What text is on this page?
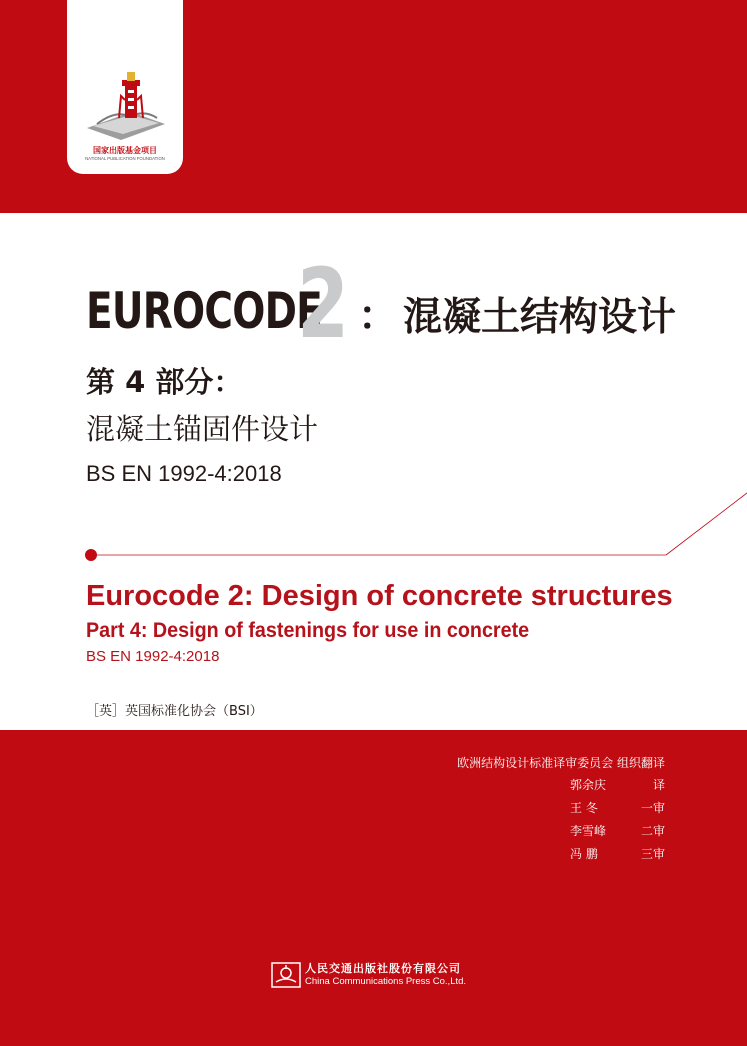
国家出版基金项目
NATIONAL PUBLICATION FOUNDATION
EUROCODE
2 ： 混凝土结构设计
第 4 部分：
混凝土锚固件设计
BS EN 1992-4:2018
Eurocode 2: Design of concrete structures
Part 4: Design of fastenings for use in concrete
BS EN 1992-4:2018
［英］英国标准化协会（BSI）
欧洲结构设计标准译审委员会 组织翻译
郭余庆	译
王 冬	一审
李雪峰	二审
冯 鹏	三审
人民交通出版社股份有限公司
China Communications Press Co.,Ltd.
